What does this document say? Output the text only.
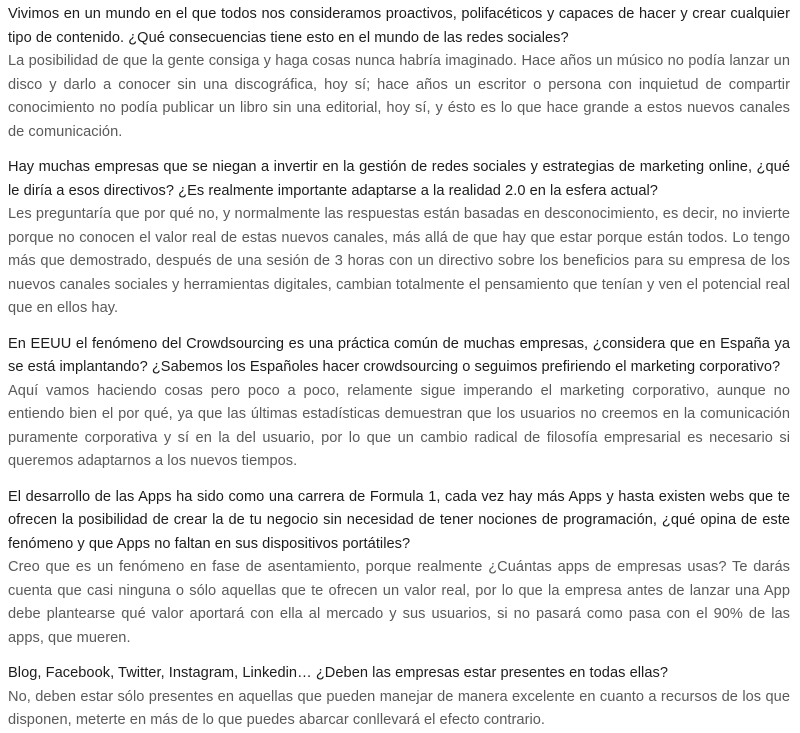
Vivimos en un mundo en el que todos nos consideramos proactivos, polifacéticos y capaces de hacer y crear cualquier tipo de contenido. ¿Qué consecuencias tiene esto en el mundo de las redes sociales?

La posibilidad de que la gente consiga y haga cosas nunca habría imaginado. Hace años un músico no podía lanzar un disco y darlo a conocer sin una discográfica, hoy sí; hace años un escritor o persona con inquietud de compartir conocimiento no podía publicar un libro sin una editorial, hoy sí, y ésto es lo que hace grande a estos nuevos canales de comunicación.

Hay muchas empresas que se niegan a invertir en la gestión de redes sociales y estrategias de marketing online, ¿qué le diría a esos directivos? ¿Es realmente importante adaptarse a la realidad 2.0 en la esfera actual?

Les preguntaría que por qué no, y normalmente las respuestas están basadas en desconocimiento, es decir, no invierte porque no conocen el valor real de estas nuevos canales, más allá de que hay que estar porque están todos. Lo tengo más que demostrado, después de una sesión de 3 horas con un directivo sobre los beneficios para su empresa de los nuevos canales sociales y herramientas digitales, cambian totalmente el pensamiento que tenían y ven el potencial real que en ellos hay.

En EEUU el fenómeno del Crowdsourcing es una práctica común de muchas empresas, ¿considera que en España ya se está implantando? ¿Sabemos los Españoles hacer crowdsourcing o seguimos prefiriendo el marketing corporativo?

Aquí vamos haciendo cosas pero poco a poco, relamente sigue imperando el marketing corporativo, aunque no entiendo bien el por qué, ya que las últimas estadísticas demuestran que los usuarios no creemos en la comunicación puramente corporativa y sí en la del usuario, por lo que un cambio radical de filosofía empresarial es necesario si queremos adaptarnos a los nuevos tiempos.

El desarrollo de las Apps ha sido como una carrera de Formula 1, cada vez hay más Apps y hasta existen webs que te ofrecen la posibilidad de crear la de tu negocio sin necesidad de tener nociones de programación, ¿qué opina de este fenómeno y que Apps no faltan en sus dispositivos portátiles?

Creo que es un fenómeno en fase de asentamiento, porque realmente ¿Cuántas apps de empresas usas? Te darás cuenta que casi ninguna o sólo aquellas que te ofrecen un valor real, por lo que la empresa antes de lanzar una App debe plantearse qué valor aportará con ella al mercado y sus usuarios, si no pasará como pasa con el 90% de las apps, que mueren.

Blog, Facebook, Twitter, Instagram, Linkedin… ¿Deben las empresas estar presentes en todas ellas?

No, deben estar sólo presentes en aquellas que pueden manejar de manera excelente en cuanto a recursos de los que disponen, meterte en más de lo que puedes abarcar conllevará el efecto contrario.
